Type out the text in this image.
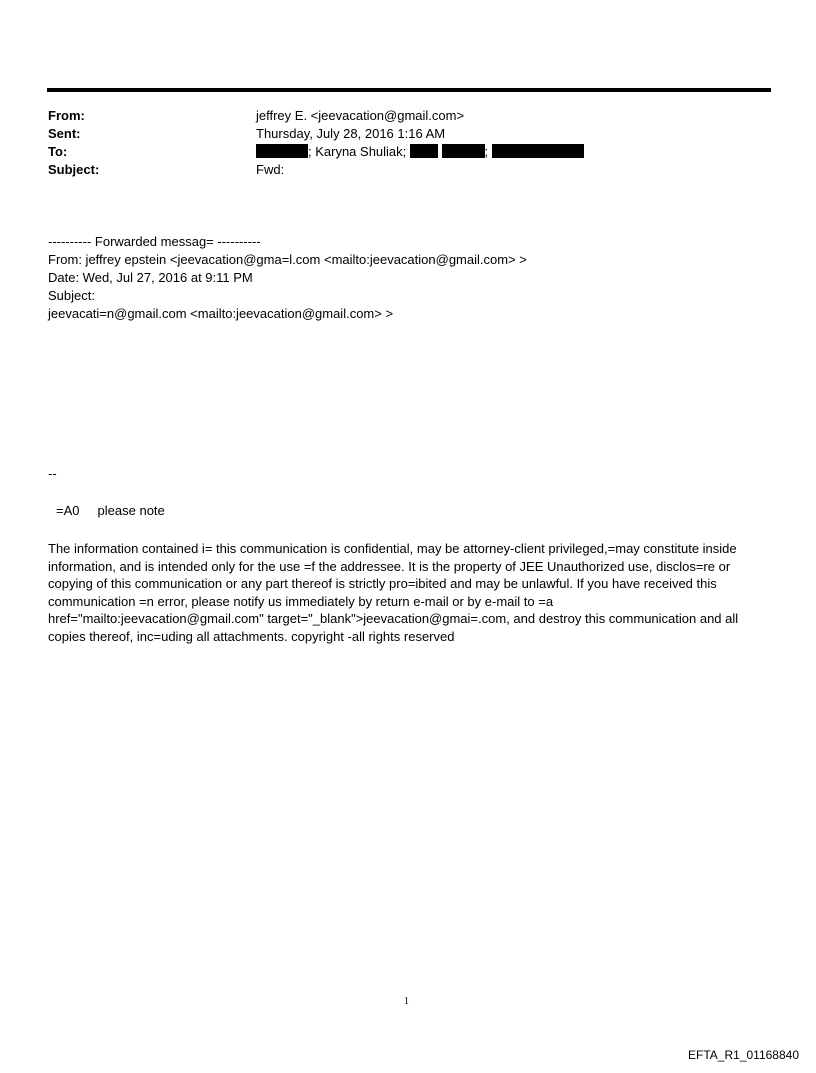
From:	jeffrey E. <jeevacation@gmail.com>
Sent:	Thursday, July 28, 2016 1:16 AM
To:	; Karyna Shuliak;	;
Subject:	Fwd:
---------- Forwarded messag= ----------
From: jeffrey epstein <jeevacation@gma=l.com <mailto:jeevacation@gmail.com> >
Date: Wed, Jul 27, 2016 at 9:11 PM
Subject:
jeevacati=n@gmail.com <mailto:jeevacation@gmail.com> >
--
=A0     please note
The information contained i= this communication is confidential, may be attorney-client privileged,=may constitute inside information, and is intended only for the use =f the addressee. It is the property of JEE Unauthorized use, disclos=re or copying of this communication or any part thereof is strictly pro=ibited and may be unlawful. If you have received this communication =n error, please notify us immediately by return e-mail or by e-mail to =a href="mailto:jeevacation@gmail.com" target="_blank">jeevacation@gmai=.com, and destroy this communication and all copies thereof, inc=uding all attachments. copyright -all rights reserved
1
EFTA_R1_01168840
